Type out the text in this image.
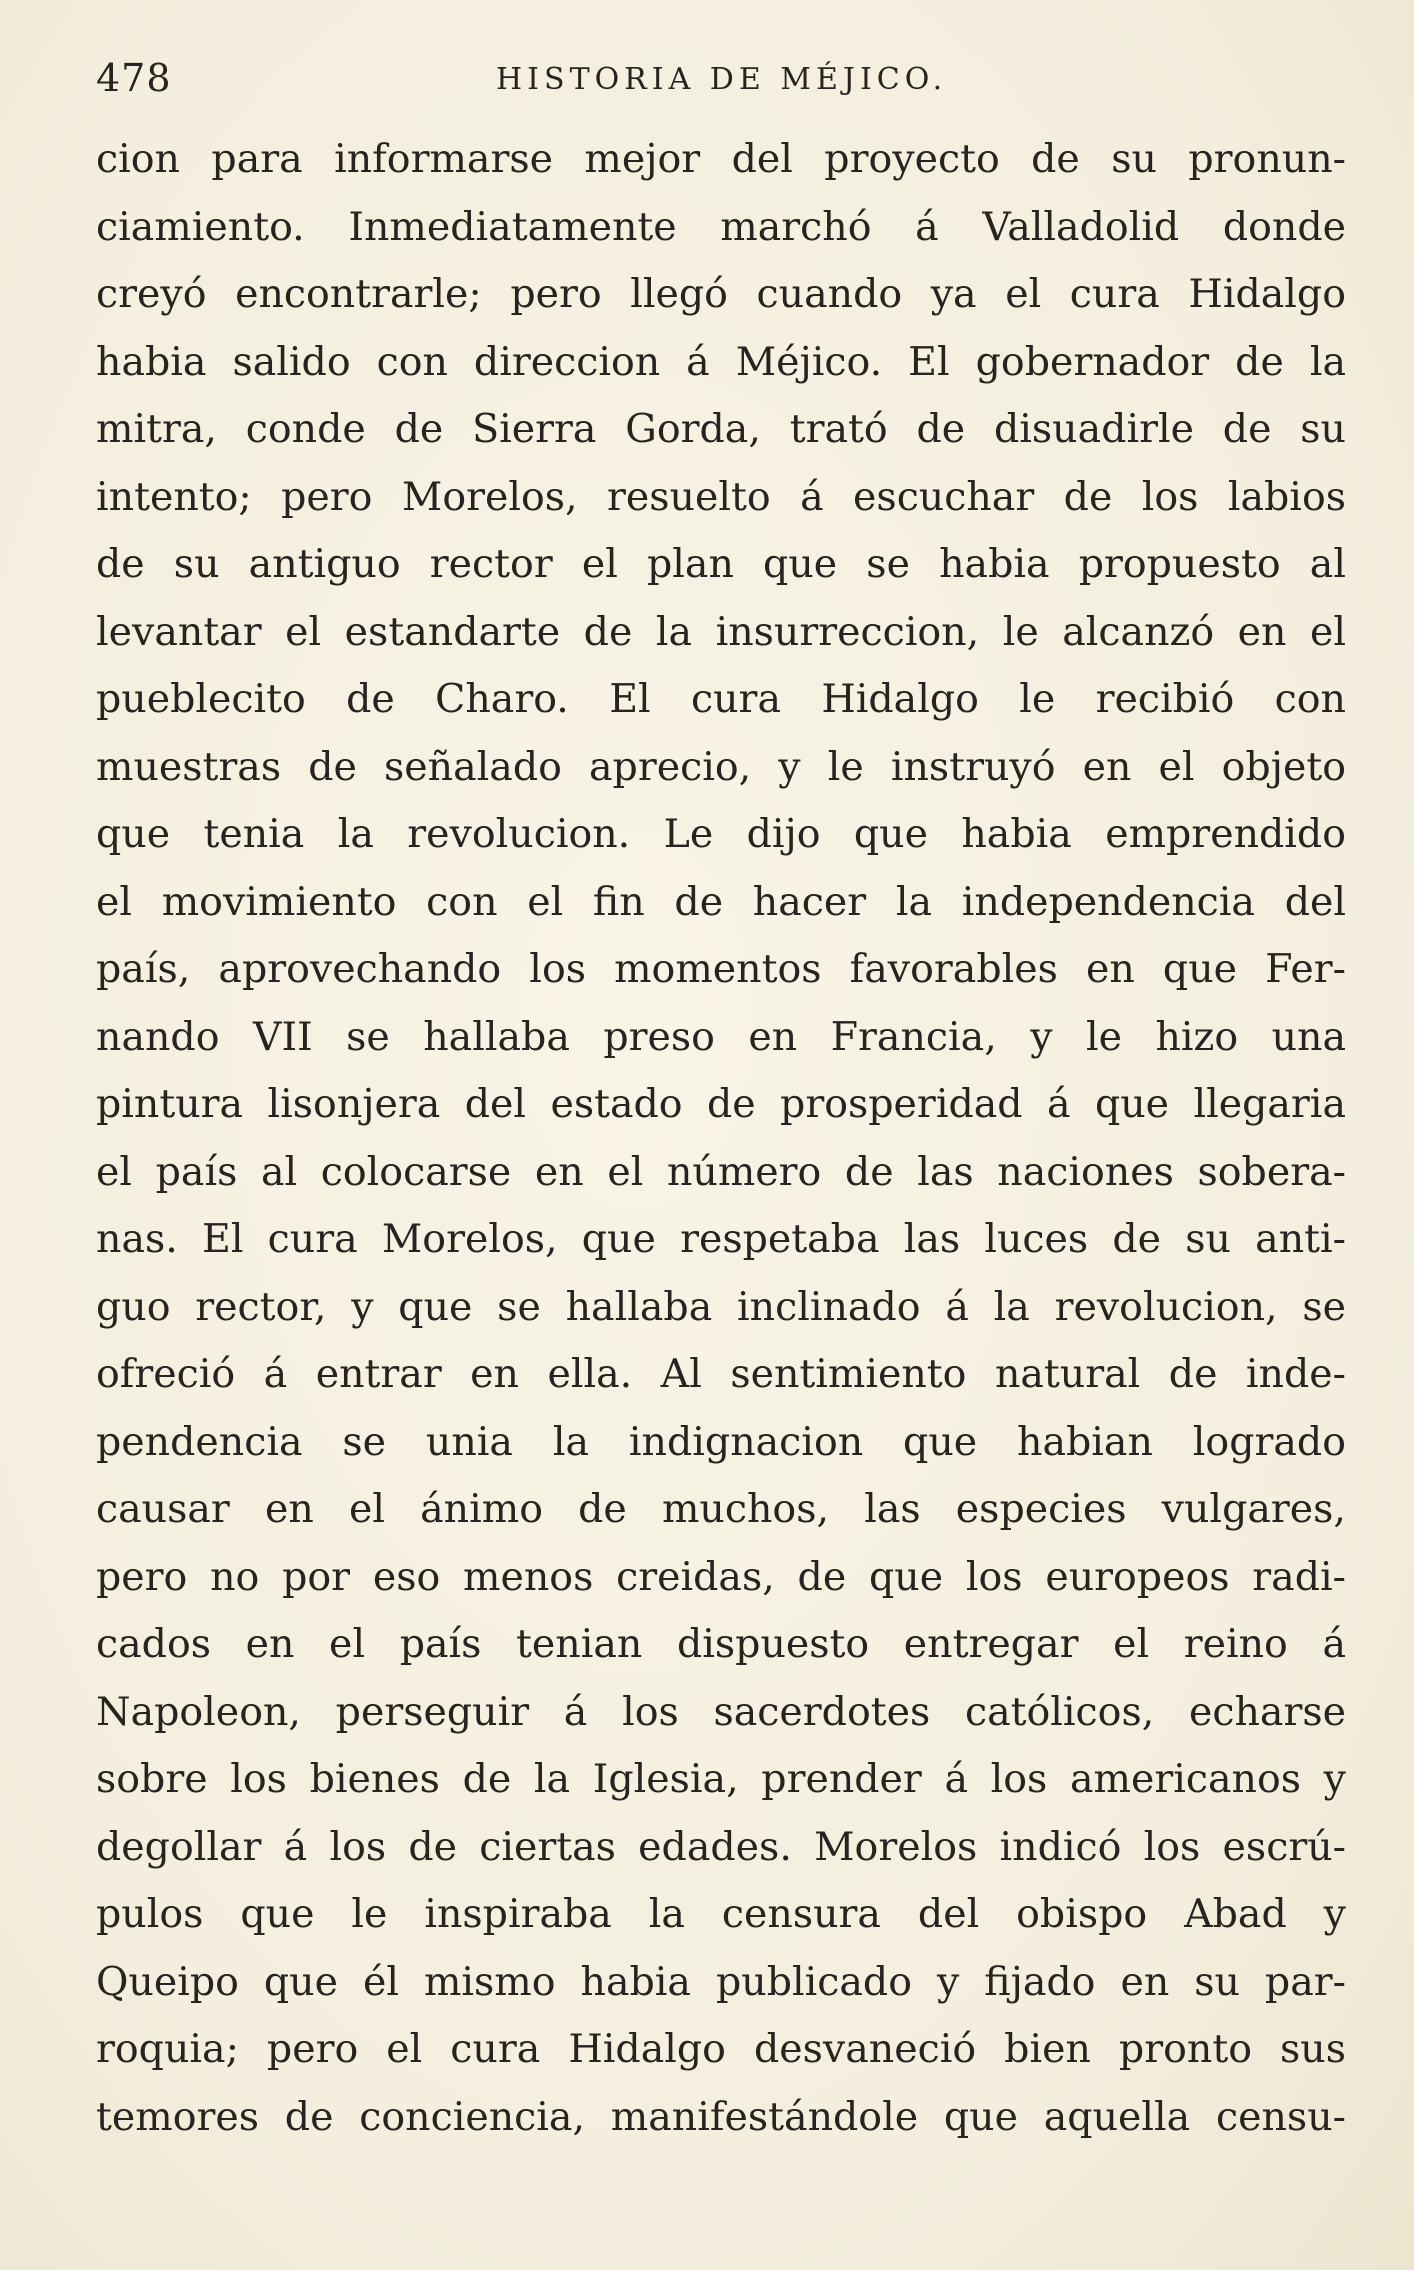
478	HISTORIA DE MÉJICO.
cion para informarse mejor del proyecto de su pronun-
ciamiento. Inmediatamente marchó á Valladolid donde
creyó encontrarle; pero llegó cuando ya el cura Hidalgo
habia salido con direccion á Méjico. El gobernador de la
mitra, conde de Sierra Gorda, trató de disuadirle de su
intento; pero Morelos, resuelto á escuchar de los labios
de su antiguo rector el plan que se habia propuesto al
levantar el estandarte de la insurreccion, le alcanzó en el
pueblecito de Charo. El cura Hidalgo le recibió con
muestras de señalado aprecio, y le instruyó en el objeto
que tenia la revolucion. Le dijo que habia emprendido
el movimiento con el fin de hacer la independencia del
país, aprovechando los momentos favorables en que Fer-
nando VII se hallaba preso en Francia, y le hizo una
pintura lisonjera del estado de prosperidad á que llegaria
el país al colocarse en el número de las naciones sobera-
nas. El cura Morelos, que respetaba las luces de su anti-
guo rector, y que se hallaba inclinado á la revolucion, se
ofreció á entrar en ella. Al sentimiento natural de inde-
pendencia se unia la indignacion que habian logrado
causar en el ánimo de muchos, las especies vulgares,
pero no por eso menos creidas, de que los europeos radi-
cados en el país tenian dispuesto entregar el reino á
Napoleon, perseguir á los sacerdotes católicos, echarse
sobre los bienes de la Iglesia, prender á los americanos y
degollar á los de ciertas edades. Morelos indicó los escrú-
pulos que le inspiraba la censura del obispo Abad y
Queipo que él mismo habia publicado y fijado en su par-
roquia; pero el cura Hidalgo desvaneció bien pronto sus
temores de conciencia, manifestándole que aquella censu-
